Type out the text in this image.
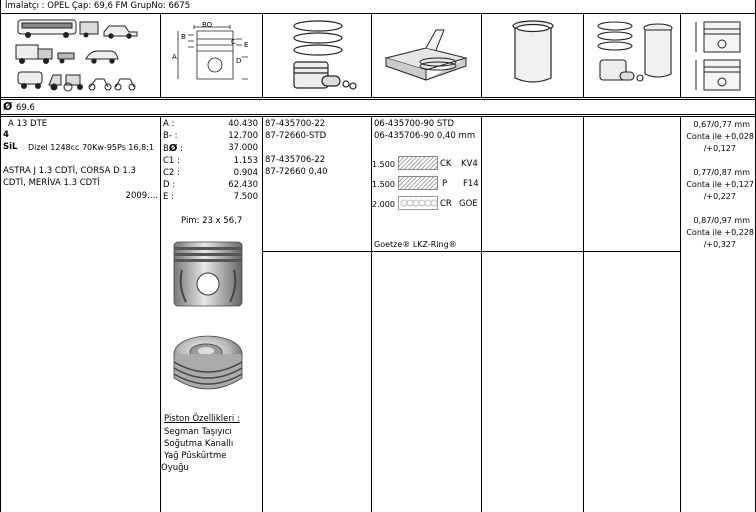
İmalatçı : OPEL Çap: 69,6 FM GrupNo: 6675
BO
B
C E
A	D
Ø 69.6
A 13 DTE
4
SiL Dizel 1248cc 70Kw-95Ps 16,8:1
ASTRA J 1.3 CDTİ, CORSA D 1.3
CDTİ, MERİVA 1.3 CDTİ
2009....
A :	40.430
B- :	12.700
BØ :	37.000
C1 :	1.153
C2 :	0.904
D :	62.430
E :	7.500
Pim: 23 x 56,7
Piston Özellikleri :
Segman Taşıyıcı
Soğutma Kanallı
Yağ Püskürtme
Oyuğu
87-435700-22
87-72660-STD
87-435706-22
87-72660 0,40
06-435700-90 STD
06-435706-90 0,40 mm
1.500	CK KV4
1.500	P F14
2.000	CR GOE
Goetze® LKZ-Ring®
0,67/0,77 mm
Conta ile +0,028
/+0,127
0,77/0,87 mm
Conta ile +0,127
/+0,227
0,87/0,97 mm
Conta ile +0,228
/+0,327
